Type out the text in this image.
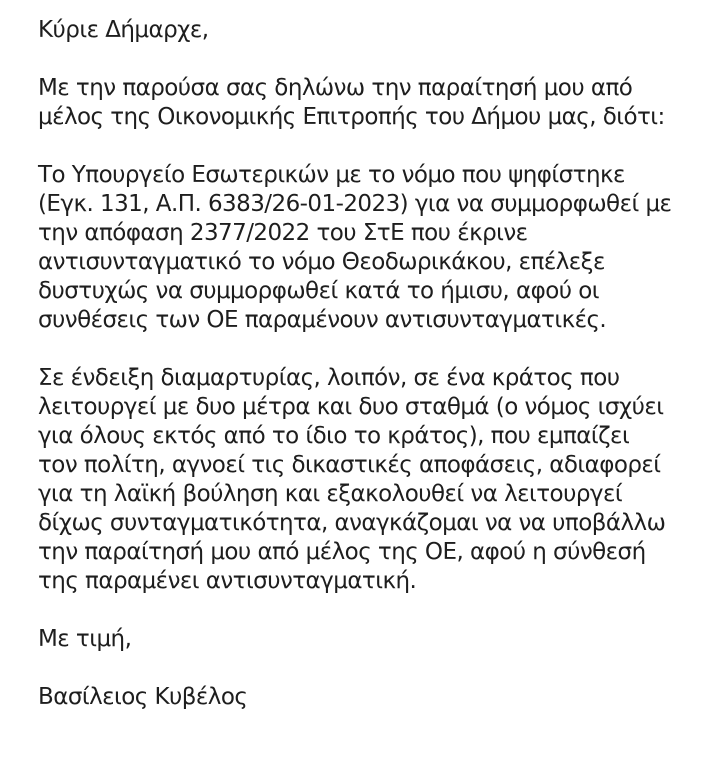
Κύριε Δήμαρχε,
Με την παρούσα σας δηλώνω την παραίτησή μου από
μέλος της Οικονομικής Επιτροπής του Δήμου μας, διότι:
Το Υπουργείο Εσωτερικών με το νόμο που ψηφίστηκε
(Εγκ. 131, Α.Π. 6383/26-01-2023) για να συμμορφωθεί με
την απόφαση 2377/2022 του ΣτΕ που έκρινε
αντισυνταγματικό το νόμο Θεοδωρικάκου, επέλεξε
δυστυχώς να συμμορφωθεί κατά το ήμισυ, αφού οι
συνθέσεις των ΟΕ παραμένουν αντισυνταγματικές.
Σε ένδειξη διαμαρτυρίας, λοιπόν, σε ένα κράτος που
λειτουργεί με δυο μέτρα και δυο σταθμά (ο νόμος ισχύει
για όλους εκτός από το ίδιο το κράτος), που εμπαίζει
τον πολίτη, αγνοεί τις δικαστικές αποφάσεις, αδιαφορεί
για τη λαϊκή βούληση και εξακολουθεί να λειτουργεί
δίχως συνταγματικότητα, αναγκάζομαι να να υποβάλλω
την παραίτησή μου από μέλος της ΟΕ, αφού η σύνθεσή
της παραμένει αντισυνταγματική.
Με τιμή,
Βασίλειος Κυβέλος
